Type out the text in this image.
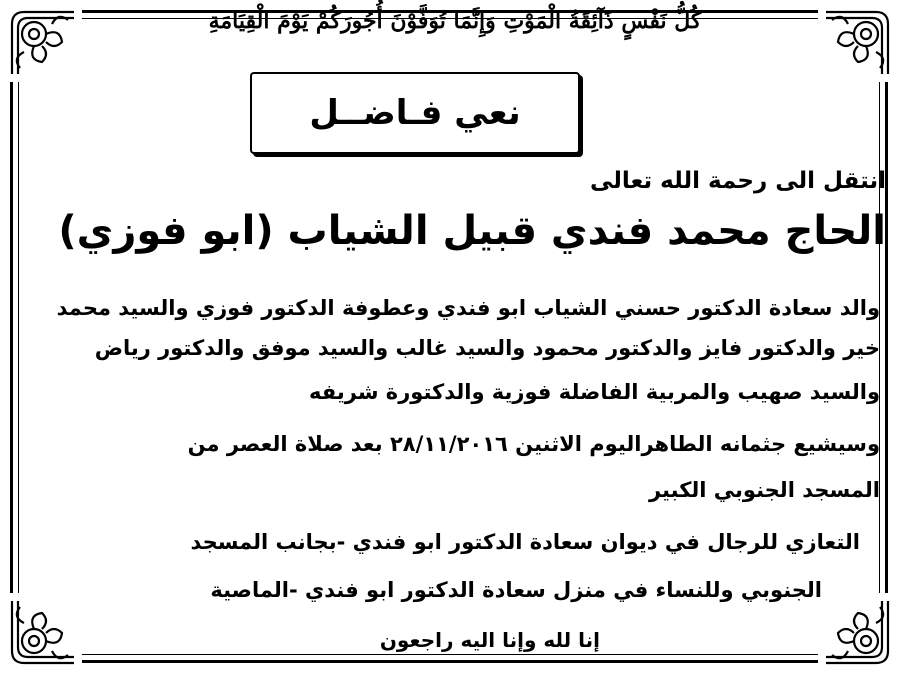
كُلُّ نَفْسٍ ذَآئِقَةُ الْمَوْتِ وَإِنَّمَا تُوَفَّوْنَ أُجُورَكُمْ يَوْمَ الْقِيَامَةِ
نعي فـاضــل
انتقل الى رحمة الله تعالى
الحاج محمد فندي قبيل الشياب (ابو فوزي)
والد سعادة الدكتور حسني الشياب ابو فندي وعطوفة الدكتور فوزي والسيد محمد
خير والدكتور فايز والدكتور محمود والسيد غالب والسيد موفق والدكتور رياض
والسيد صهيب والمربية الفاضلة فوزية والدكتورة شريفه
وسيشيع جثمانه الطاهراليوم الاثنين ٢٨/١١/٢٠١٦ بعد صلاة العصر من
المسجد الجنوبي الكبير
التعازي للرجال في ديوان سعادة الدكتور ابو فندي -بجانب المسجد
الجنوبي وللنساء في منزل سعادة الدكتور ابو فندي -الماصية
إنا لله وإنا اليه راجعون
